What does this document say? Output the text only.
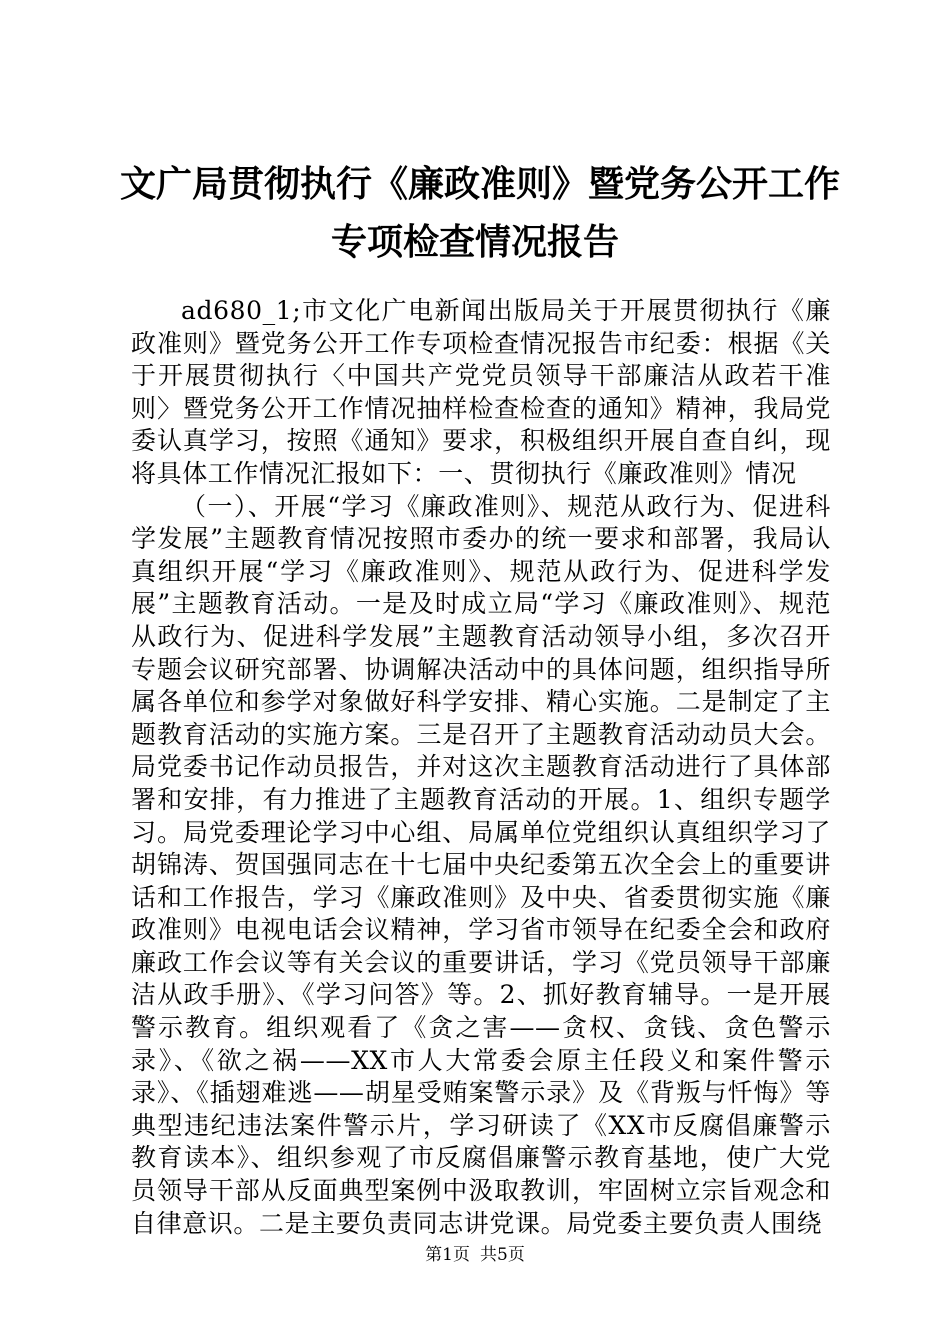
文广局贯彻执行《廉政准则》暨党务公开工作
专项检查情况报告

ad680_1;市文化广电新闻出版局关于开展贯彻执行《廉政准则》暨党务公开工作专项检查情况报告市纪委：根据《关于开展贯彻执行〈中国共产党党员领导干部廉洁从政若干准则〉暨党务公开工作情况抽样检查检查的通知》精神，我局党委认真学习，按照《通知》要求，积极组织开展自查自纠，现将具体工作情况汇报如下：一、贯彻执行《廉政准则》情况

（一）、开展“学习《廉政准则》、规范从政行为、促进科学发展”主题教育情况按照市委办的统一要求和部署，我局认真组织开展“学习《廉政准则》、规范从政行为、促进科学发展”主题教育活动。一是及时成立局“学习《廉政准则》、规范从政行为、促进科学发展”主题教育活动领导小组，多次召开专题会议研究部署、协调解决活动中的具体问题，组织指导所属各单位和参学对象做好科学安排、精心实施。二是制定了主题教育活动的实施方案。三是召开了主题教育活动动员大会。局党委书记作动员报告，并对这次主题教育活动进行了具体部署和安排，有力推进了主题教育活动的开展。1、组织专题学习。局党委理论学习中心组、局属单位党组织认真组织学习了胡锦涛、贺国强同志在十七届中央纪委第五次全会上的重要讲话和工作报告，学习《廉政准则》及中央、省委贯彻实施《廉政准则》电视电话会议精神，学习省市领导在纪委全会和政府廉政工作会议等有关会议的重要讲话，学习《党员领导干部廉洁从政手册》、《学习问答》等。2、抓好教育辅导。一是开展警示教育。组织观看了《贪之害——贪权、贪钱、贪色警示录》、《欲之祸——XX市人大常委会原主任段义和案件警示录》、《插翅难逃——胡星受贿案警示录》及《背叛与忏悔》等典型违纪违法案件警示片，学习研读了《XX市反腐倡廉警示教育读本》、组织参观了市反腐倡廉警示教育基地，使广大党员领导干部从反面典型案例中汲取教训，牢固树立宗旨观念和自律意识。二是主要负责同志讲党课。局党委主要负责人围绕

第1页 共5页
